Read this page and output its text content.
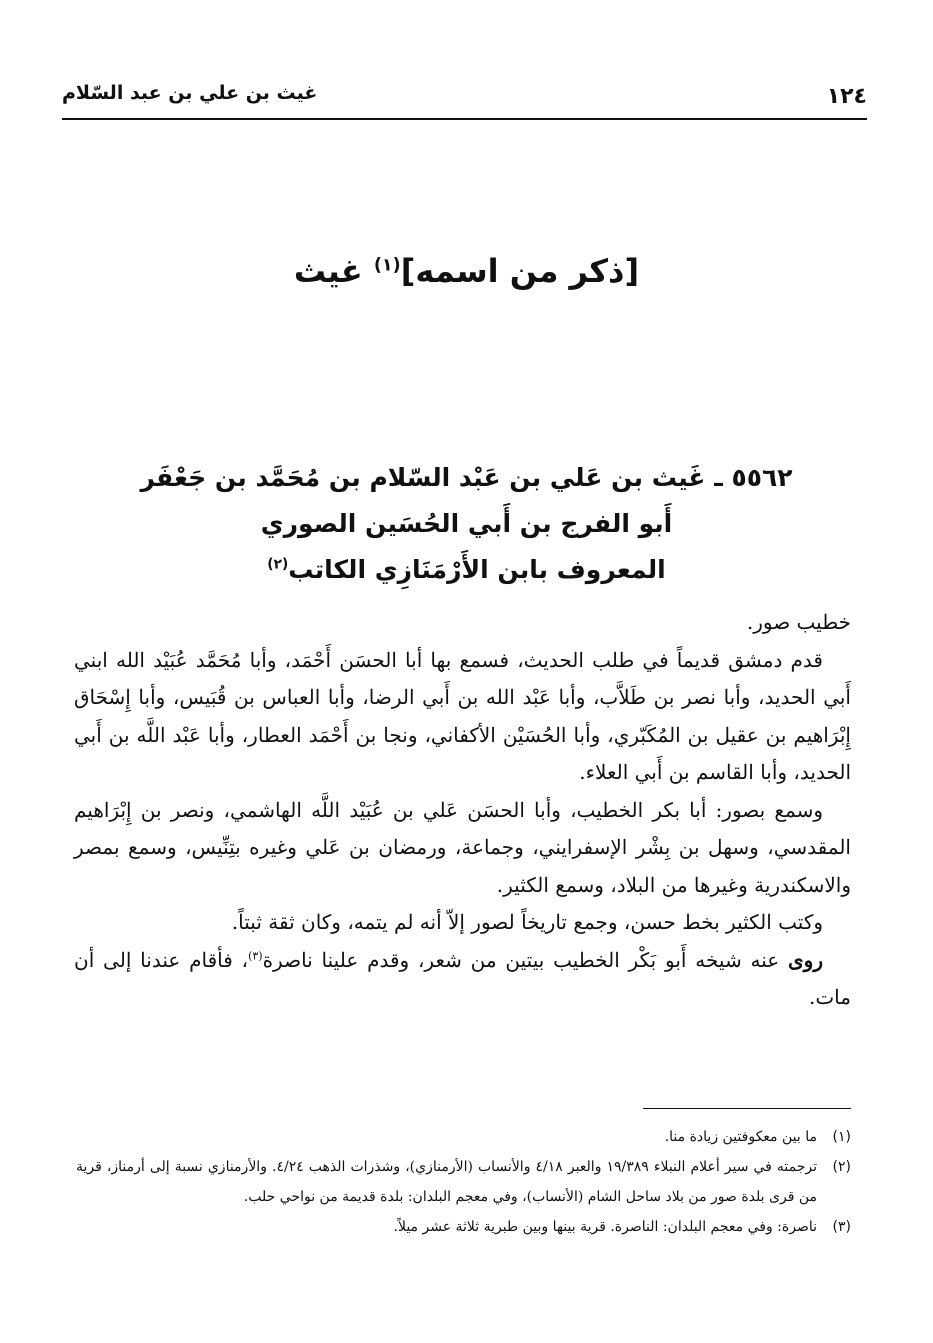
١٢٤
غيث بن علي بن عبد السّلام
[ذكر من اسمه]$^{(١)}$ غيث
٥٥٦٢ ـ غَيث بن عَلي بن عَبْد السّلام بن مُحَمَّد بن جَعْفَر
أَبو الفرج بن أَبي الحُسَين الصوري
المعروف بابن الأَرْمَنَازِي الكاتب$^{(٢)}$

خطيب صور.

قدم دمشق قديماً في طلب الحديث، فسمع بها أبا الحسَن أَحْمَد، وأبا مُحَمَّد عُبَيْد الله ابني أَبي الحديد، وأبا نصر بن طَلاَّب، وأبا عَبْد الله بن أَبي الرضا، وأبا العباس بن قُبَيس، وأبا إِسْحَاق إِبْرَاهيم بن عقيل بن المُكَبّري، وأبا الحُسَيْن الأكفاني، ونجا بن أَحْمَد العطار، وأبا عَبْد اللَّه بن أَبي الحديد، وأبا القاسم بن أَبي العلاء.

وسمع بصور: أبا بكر الخطيب، وأبا الحسَن عَلي بن عُبَيْد اللَّه الهاشمي، ونصر بن إِبْرَاهيم المقدسي، وسهل بن بِشْر الإسفرايني، وجماعة، ورمضان بن عَلي وغيره بتِنِّيس، وسمع بمصر والاسكندرية وغيرها من البلاد، وسمع الكثير.

وكتب الكثير بخط حسن، وجمع تاريخاً لصور إلاّ أنه لم يتمه، وكان ثقة ثبتاً.

روى عنه شيخه أَبو بَكْر الخطيب بيتين من شعر، وقدم علينا ناصرة$^{(٣)}$، فأقام عندنا إلى أن مات.

(١)
ما بين معكوفتين زيادة منا.
(٢)
ترجمته في سير أعلام النبلاء ١٩/٣٨٩ والعبر ٤/١٨ والأنساب (الأرمنازي)، وشذرات الذهب ٤/٢٤. والأرمنازي نسبة إلى أرمناز، قرية من قرى بلدة صور من بلاد ساحل الشام (الأنساب)، وفي معجم البلدان: بلدة قديمة من نواحي حلب.
(٣)
ناصرة: وفي معجم البلدان: الناصرة. قرية بينها وبين طبرية ثلاثة عشر ميلاً.
